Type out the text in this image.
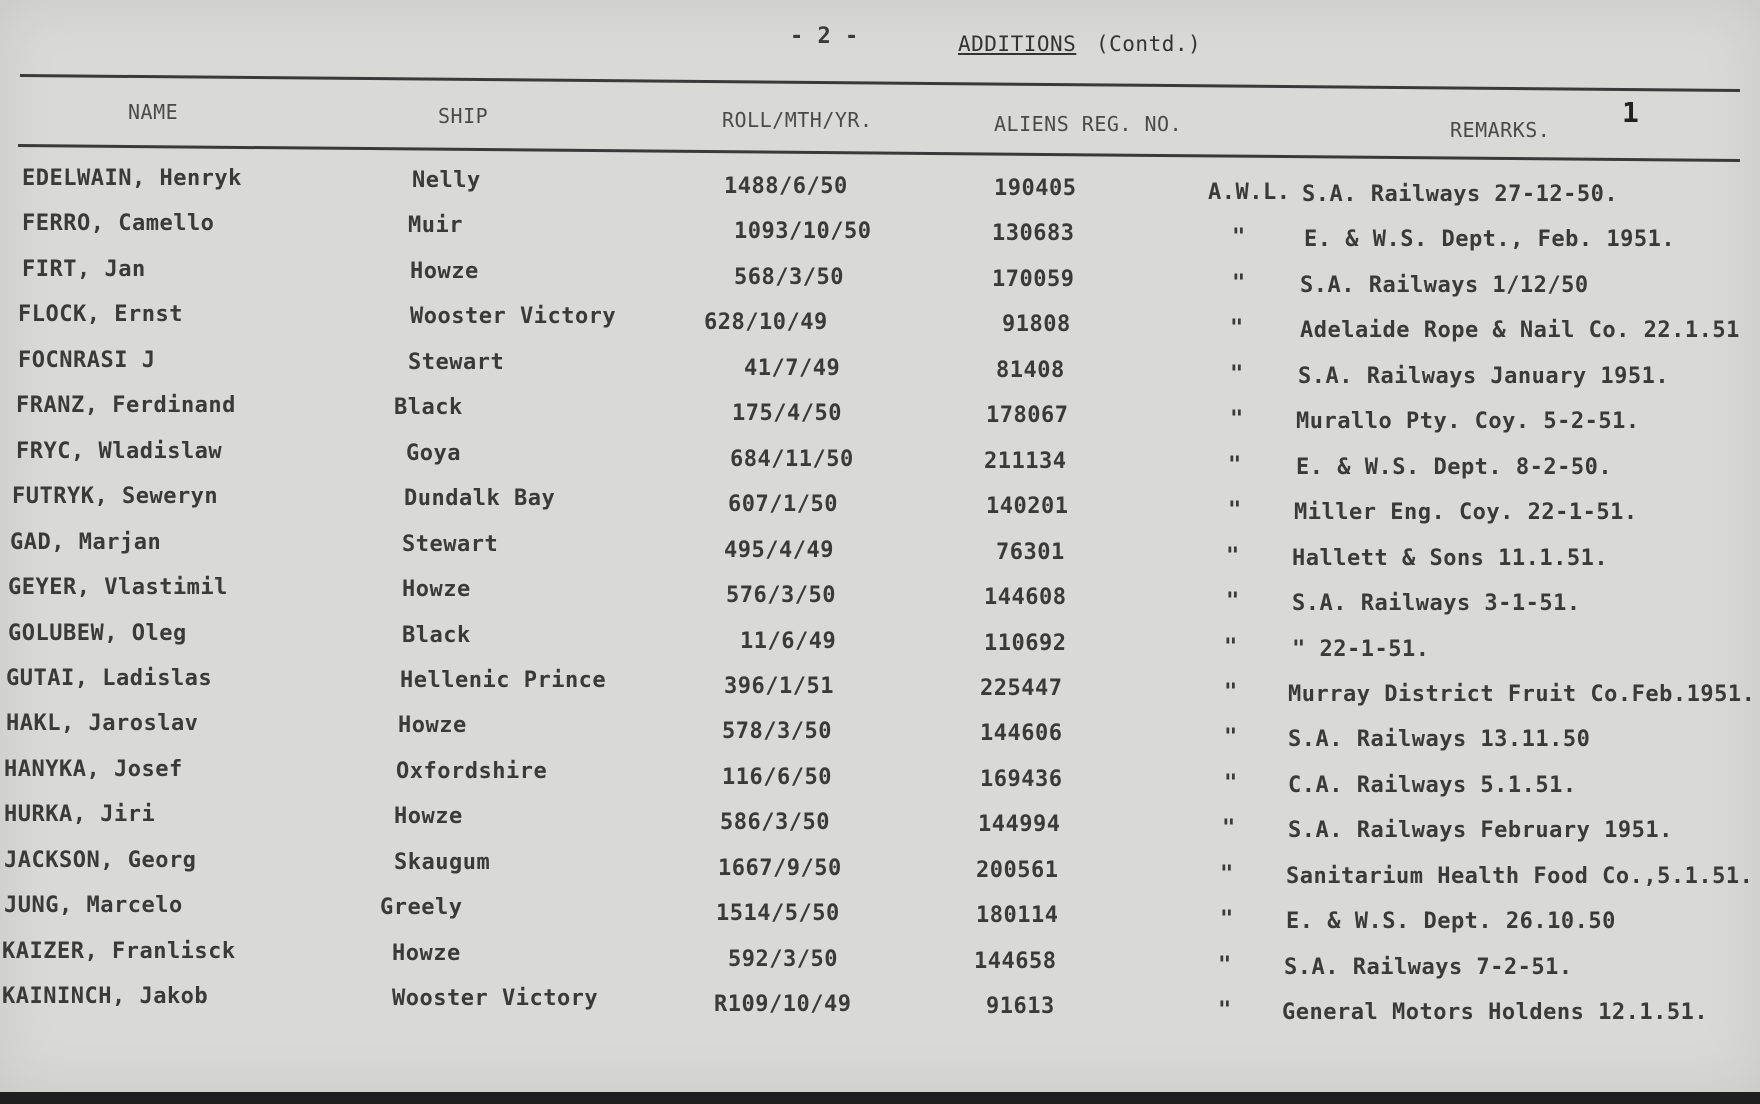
- 2 -	ADDITIONS (Contd.)
NAME	SHIP	ROLL/MTH/YR.	ALIENS REG. NO.	REMARKS.
1
EDELWAIN, Henryk	Nelly	1488/6/50	190405	A.W.L. S.A. Railways 27-12-50.
FERRO, Camello	Muir	1093/10/50	130683	"	E. & W.S. Dept., Feb. 1951.
FIRT, Jan	Howze	568/3/50	170059	" S.A. Railways 1/12/50
FLOCK, Ernst	Wooster Victory	628/10/49	91808	"	Adelaide Rope & Nail Co. 22.1.51
FOCNRASI J	Stewart	41/7/49	81408	" S.A. Railways January 1951.
FRANZ, Ferdinand	Black	175/4/50	178067	" Murallo Pty. Coy. 5-2-51.
FRYC, Wladislaw	Goya	684/11/50	211134	" E. & W.S. Dept. 8-2-50.
FUTRYK, Seweryn	Dundalk Bay	607/1/50	140201	" Miller Eng. Coy. 22-1-51.
GAD, Marjan	Stewart	495/4/49	76301	" Hallett & Sons 11.1.51.
GEYER, Vlastimil	Howze	576/3/50	144608	" S.A. Railways 3-1-51.
GOLUBEW, Oleg	Black	11/6/49	110692	" " 22-1-51.
GUTAI, Ladislas	Hellenic Prince	396/1/51	225447	" Murray District Fruit Co.Feb.1951.
HAKL, Jaroslav	Howze	578/3/50	144606	" S.A. Railways 13.11.50
HANYKA, Josef	Oxfordshire	116/6/50	169436	" C.A. Railways 5.1.51.
HURKA, Jiri	Howze	586/3/50	144994	" S.A. Railways February 1951.
JACKSON, Georg	Skaugum	1667/9/50	200561	" Sanitarium Health Food Co.,5.1.51.
JUNG, Marcelo	Greely	1514/5/50	180114	" E. & W.S. Dept. 26.10.50
KAIZER, Franlisck	Howze	592/3/50	144658	" S.A. Railways 7-2-51.
KAININCH, Jakob	Wooster Victory	R109/10/49	91613	" General Motors Holdens 12.1.51.
